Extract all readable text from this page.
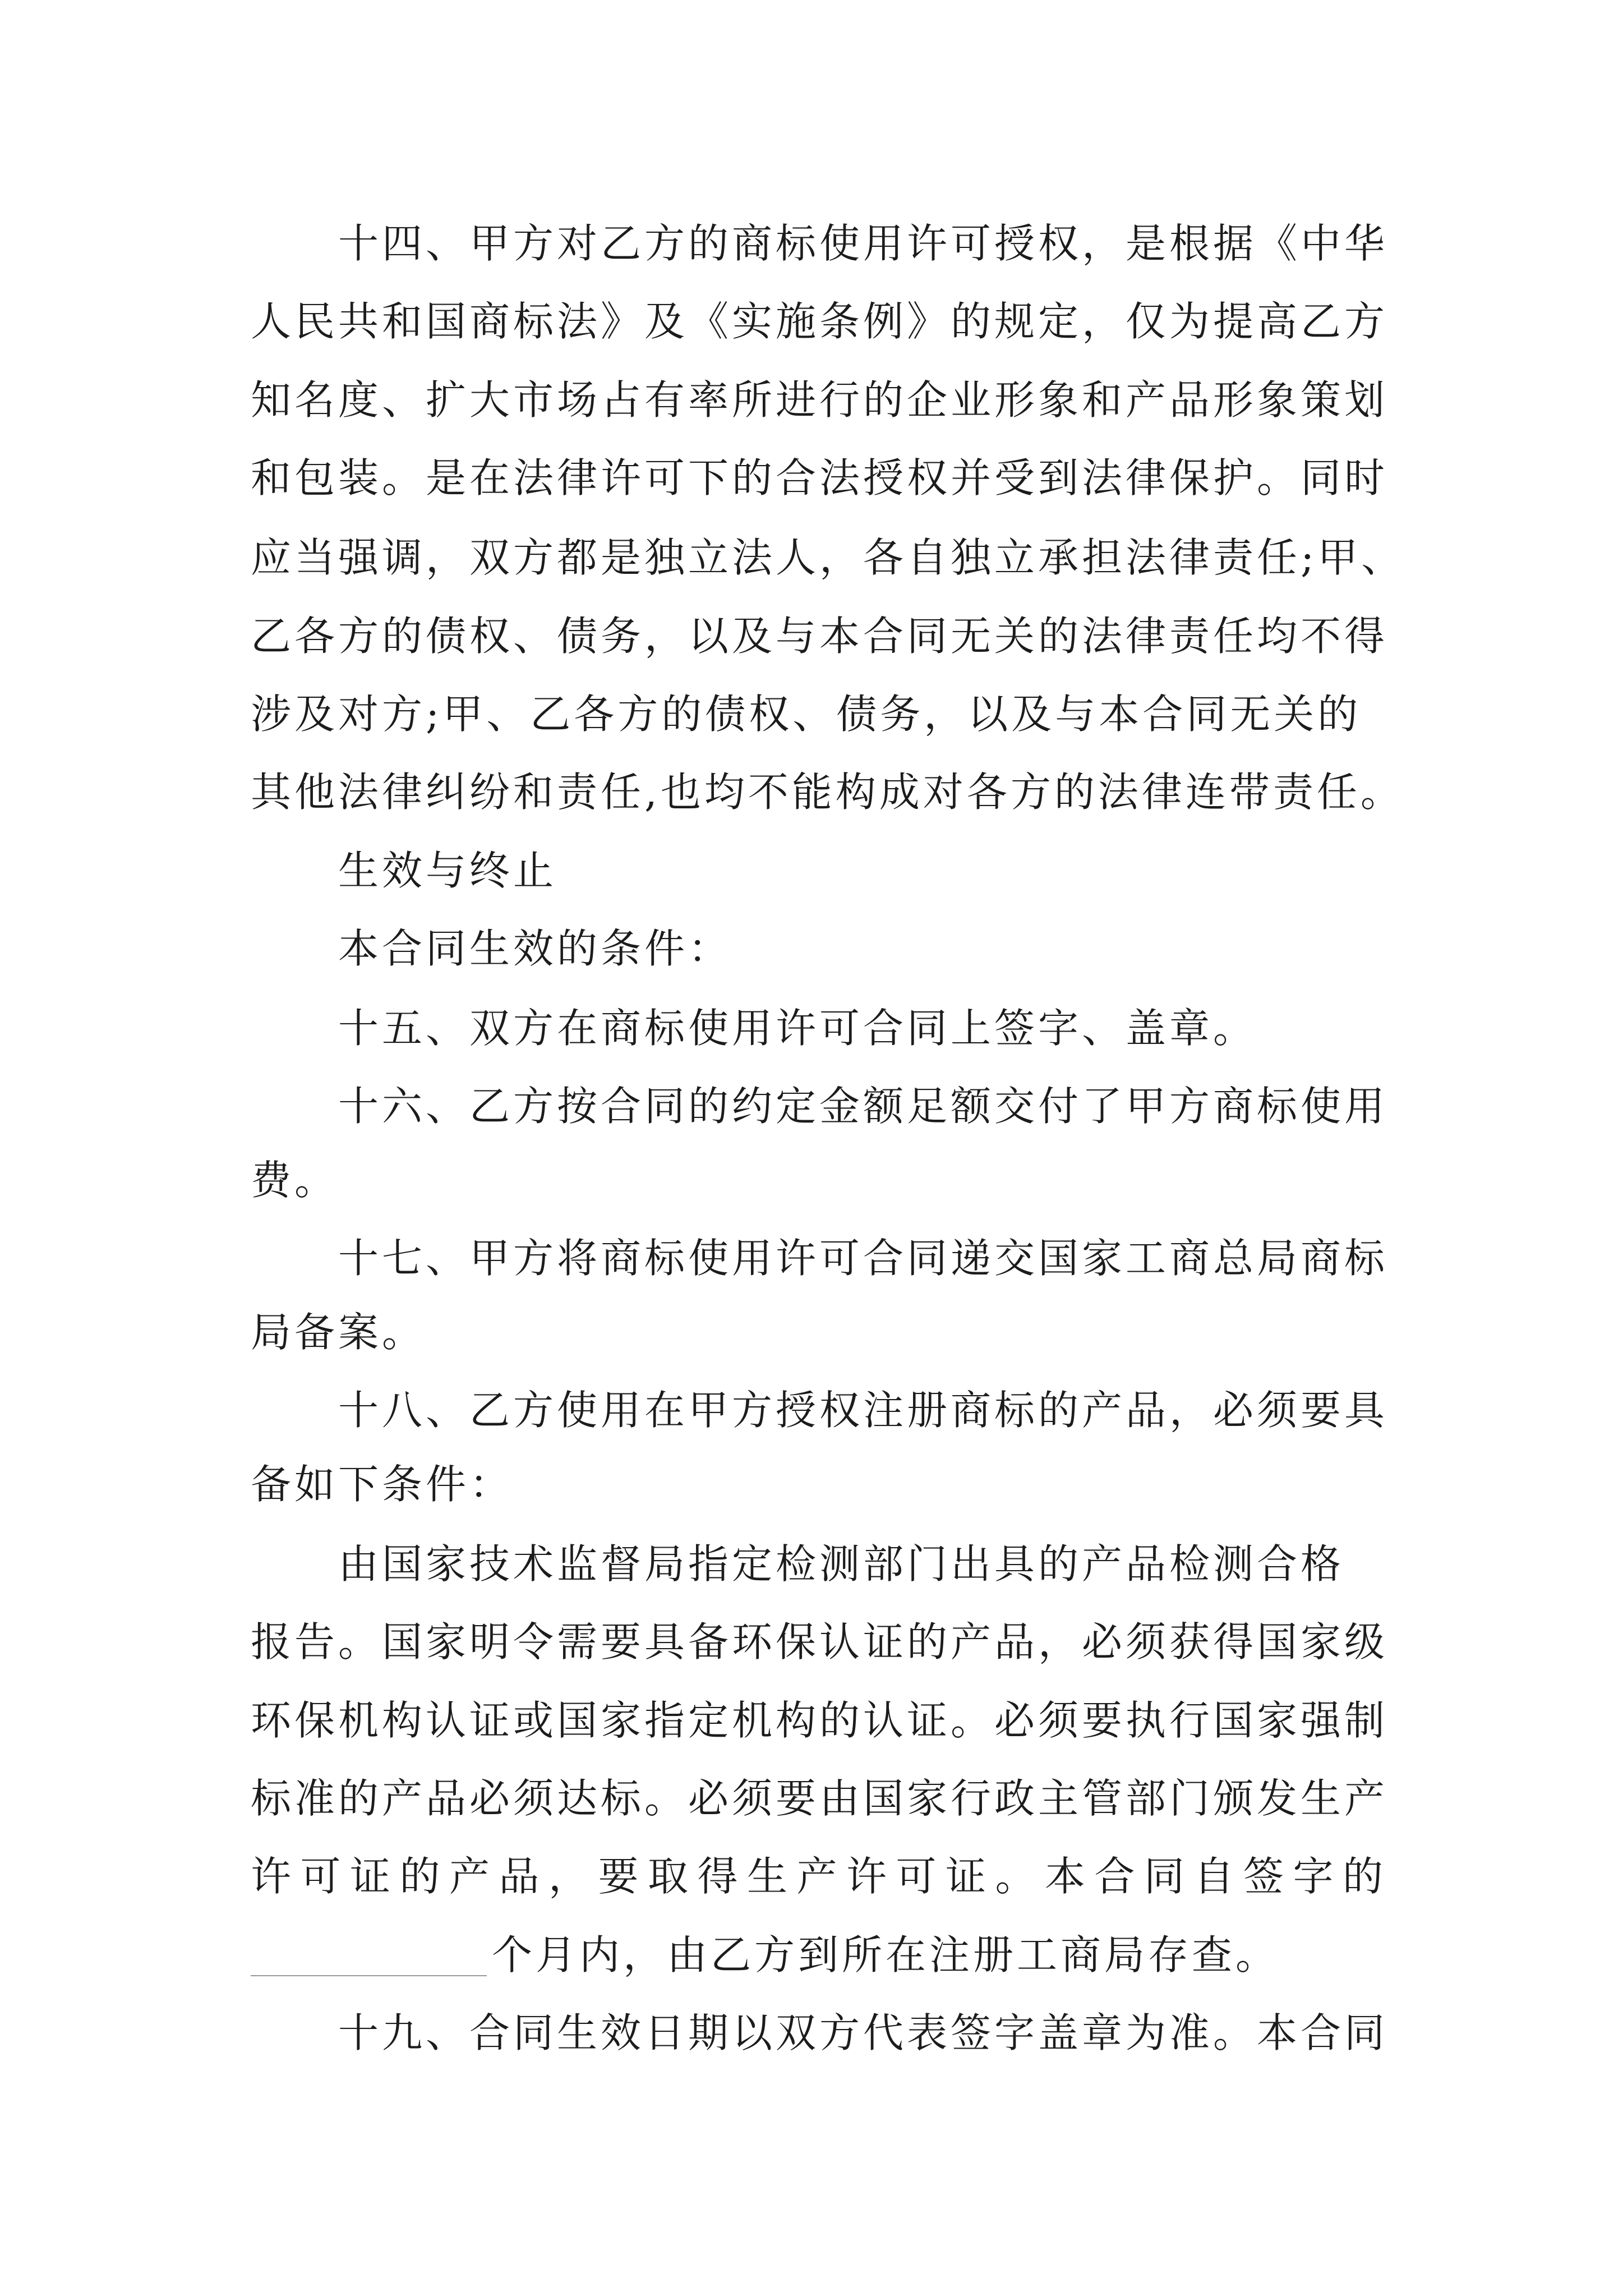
十四、甲方对乙方的商标使用许可授权，是根据《中华
人民共和国商标法》及《实施条例》的规定，仅为提高乙方
知名度、扩大市场占有率所进行的企业形象和产品形象策划
和包装。是在法律许可下的合法授权并受到法律保护。同时
应当强调，双方都是独立法人，各自独立承担法律责任;甲、
乙各方的债权、债务，以及与本合同无关的法律责任均不得
涉及对方;甲、乙各方的债权、债务，以及与本合同无关的
其他法律纠纷和责任,也均不能构成对各方的法律连带责任。
生效与终止
本合同生效的条件：
十五、双方在商标使用许可合同上签字、盖章。
十六、乙方按合同的约定金额足额交付了甲方商标使用
费。
十七、甲方将商标使用许可合同递交国家工商总局商标
局备案。
十八、乙方使用在甲方授权注册商标的产品，必须要具
备如下条件：
由国家技术监督局指定检测部门出具的产品检测合格
报告。国家明令需要具备环保认证的产品，必须获得国家级
环保机构认证或国家指定机构的认证。必须要执行国家强制
标准的产品必须达标。必须要由国家行政主管部门颁发生产
许可证的产品，要取得生产许可证。本合同自签字的
个月内，由乙方到所在注册工商局存查。
十九、合同生效日期以双方代表签字盖章为准。本合同
